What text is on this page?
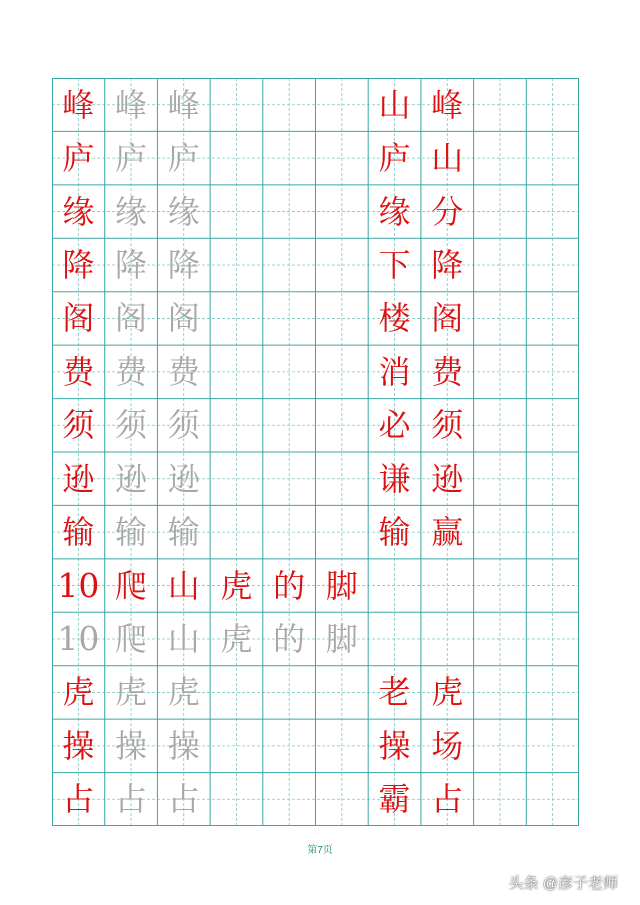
峰 峰 峰	山 峰
庐 庐 庐	庐 山
缘 缘 缘	缘 分
降 降 降	下 降
阁 阁 阁	楼 阁
费 费 费	消 费
须 须 须	必 须
逊 逊 逊	谦 逊
输 输 输	输 赢
10 爬 山 虎 的 脚
10 爬 山 虎 的 脚
虎 虎 虎	老 虎
操 操 操	操 场
占 占 占	霸 占
第7页
头条 @彦子老师
